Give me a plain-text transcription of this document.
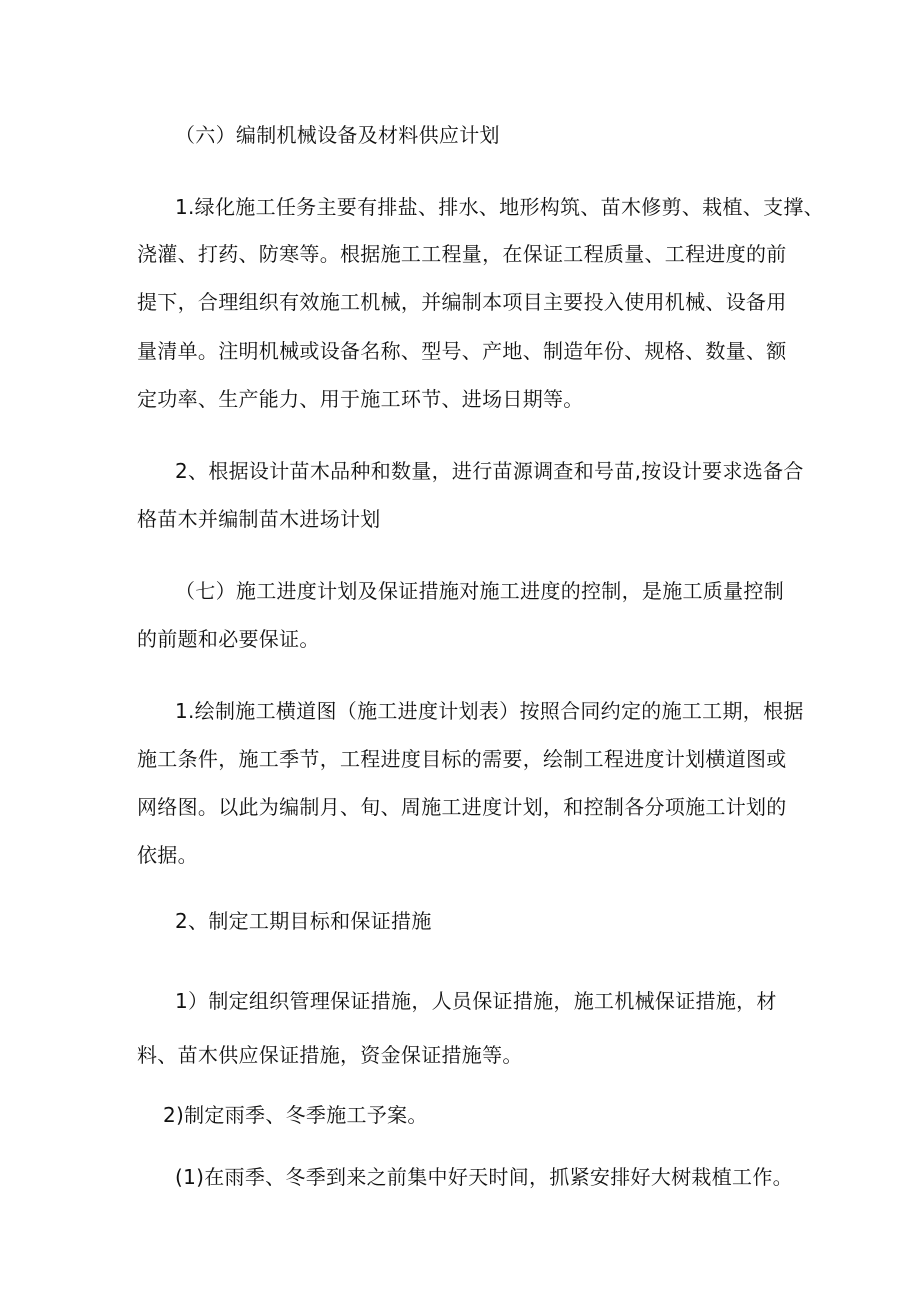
（六）编制机械设备及材料供应计划
1.绿化施工任务主要有排盐、排水、地形构筑、苗木修剪、栽植、支撑、
浇灌、打药、防寒等。根据施工工程量，在保证工程质量、工程进度的前
提下，合理组织有效施工机械，并编制本项目主要投入使用机械、设备用
量清单。注明机械或设备名称、型号、产地、制造年份、规格、数量、额
定功率、生产能力、用于施工环节、进场日期等。
2、根据设计苗木品种和数量，进行苗源调查和号苗,按设计要求选备合
格苗木并编制苗木进场计划
（七）施工进度计划及保证措施对施工进度的控制，是施工质量控制
的前题和必要保证。
1.绘制施工横道图（施工进度计划表）按照合同约定的施工工期，根据
施工条件，施工季节，工程进度目标的需要，绘制工程进度计划横道图或
网络图。以此为编制月、旬、周施工进度计划，和控制各分项施工计划的
依据。
2、制定工期目标和保证措施
1）制定组织管理保证措施，人员保证措施，施工机械保证措施，材
料、苗木供应保证措施，资金保证措施等。
2)制定雨季、冬季施工予案。
(1)在雨季、冬季到来之前集中好天时间，抓紧安排好大树栽植工作。
